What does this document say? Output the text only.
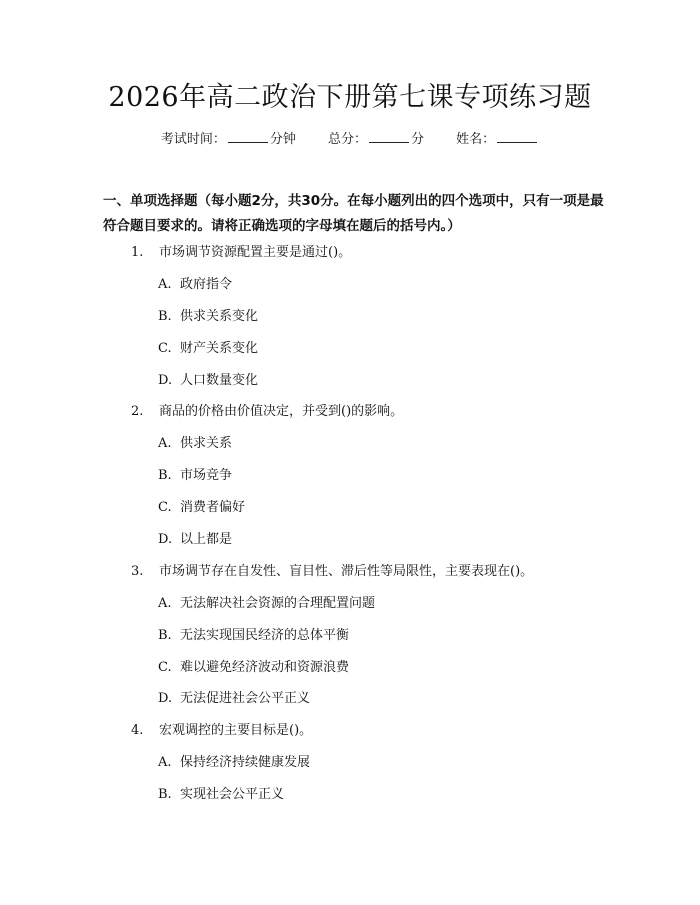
2026年高二政治下册第七课专项练习题
考试时间：	分钟 总分：	分 姓名：
一、单项选择题（每小题2分，共30分。在每小题列出的四个选项中，只有一项是最符合题目要求的。请将正确选项的字母填在题后的括号内。）
1. 市场调节资源配置主要是通过()。
A. 政府指令
B. 供求关系变化
C. 财产关系变化
D. 人口数量变化
2. 商品的价格由价值决定，并受到()的影响。
A. 供求关系
B. 市场竞争
C. 消费者偏好
D. 以上都是
3. 市场调节存在自发性、盲目性、滞后性等局限性，主要表现在()。
A. 无法解决社会资源的合理配置问题
B. 无法实现国民经济的总体平衡
C. 难以避免经济波动和资源浪费
D. 无法促进社会公平正义
4. 宏观调控的主要目标是()。
A. 保持经济持续健康发展
B. 实现社会公平正义
